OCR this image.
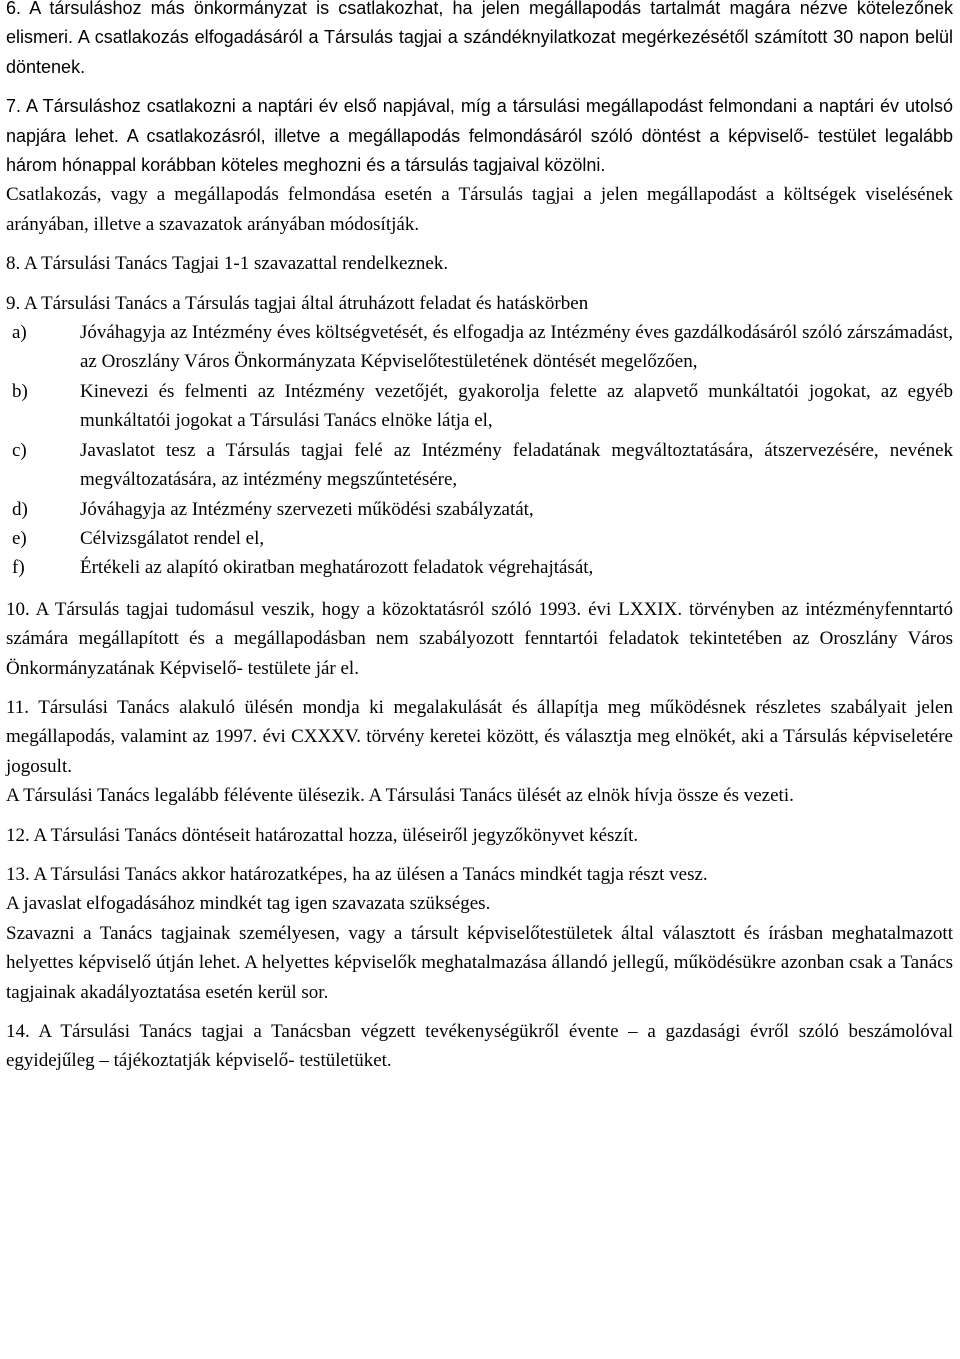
6. A társuláshoz más önkormányzat is csatlakozhat, ha jelen megállapodás tartalmát magára nézve kötelezőnek elismeri. A csatlakozás elfogadásáról a Társulás tagjai a szándéknyilatkozat megérkezésétől számított 30 napon belül döntenek.

7. A Társuláshoz csatlakozni a naptári év első napjával, míg a társulási megállapodást felmondani a naptári év utolsó napjára lehet. A csatlakozásról, illetve a megállapodás felmondásáról szóló döntést a képviselő- testület legalább három hónappal korábban köteles meghozni és a társulás tagjaival közölni.

Csatlakozás, vagy a megállapodás felmondása esetén a Társulás tagjai a jelen megállapodást a költségek viselésének arányában, illetve a szavazatok arányában módosítják.

8. A Társulási Tanács Tagjai 1-1 szavazattal rendelkeznek.

9. A Társulási Tanács a Társulás tagjai által átruházott feladat és hatáskörben

a)	Jóváhagyja az Intézmény éves költségvetését, és elfogadja az Intézmény éves gazdálkodásáról szóló zárszámadást, az Oroszlány Város Önkormányzata Képviselőtestületének döntését megelőzően,
b)	Kinevezi és felmenti az Intézmény vezetőjét, gyakorolja felette az alapvető munkáltatói jogokat, az egyéb munkáltatói jogokat a Társulási Tanács elnöke látja el,
c)	Javaslatot tesz a Társulás tagjai felé az Intézmény feladatának megváltoztatására, átszervezésére, nevének megváltozatására, az intézmény megszűntetésére,
d)	Jóváhagyja az Intézmény szervezeti működési szabályzatát,
e)	Célvizsgálatot rendel el,
f)	Értékeli az alapító okiratban meghatározott feladatok végrehajtását,

10. A Társulás tagjai tudomásul veszik, hogy a közoktatásról szóló 1993. évi LXXIX. törvényben az intézményfenntartó számára megállapított és a megállapodásban nem szabályozott fenntartói feladatok tekintetében az Oroszlány Város Önkormányzatának Képviselő- testülete jár el.

11. Társulási Tanács alakuló ülésén mondja ki megalakulását és állapítja meg működésnek részletes szabályait jelen megállapodás, valamint az 1997. évi CXXXV. törvény keretei között, és választja meg elnökét, aki a Társulás képviseletére jogosult.

A Társulási Tanács legalább félévente ülésezik. A Társulási Tanács ülését az elnök hívja össze és vezeti.

12. A Társulási Tanács döntéseit határozattal hozza, üléseiről jegyzőkönyvet készít.

13. A Társulási Tanács akkor határozatképes, ha az ülésen a Tanács mindkét tagja részt vesz.

A javaslat elfogadásához mindkét tag igen szavazata szükséges.

Szavazni a Tanács tagjainak személyesen, vagy a társult képviselőtestületek által választott és írásban meghatalmazott helyettes képviselő útján lehet. A helyettes képviselők meghatalmazása állandó jellegű, működésükre azonban csak a Tanács tagjainak akadályoztatása esetén kerül sor.

14. A Társulási Tanács tagjai a Tanácsban végzett tevékenységükről évente – a gazdasági évről szóló beszámolóval egyidejűleg – tájékoztatják képviselő- testületüket.
